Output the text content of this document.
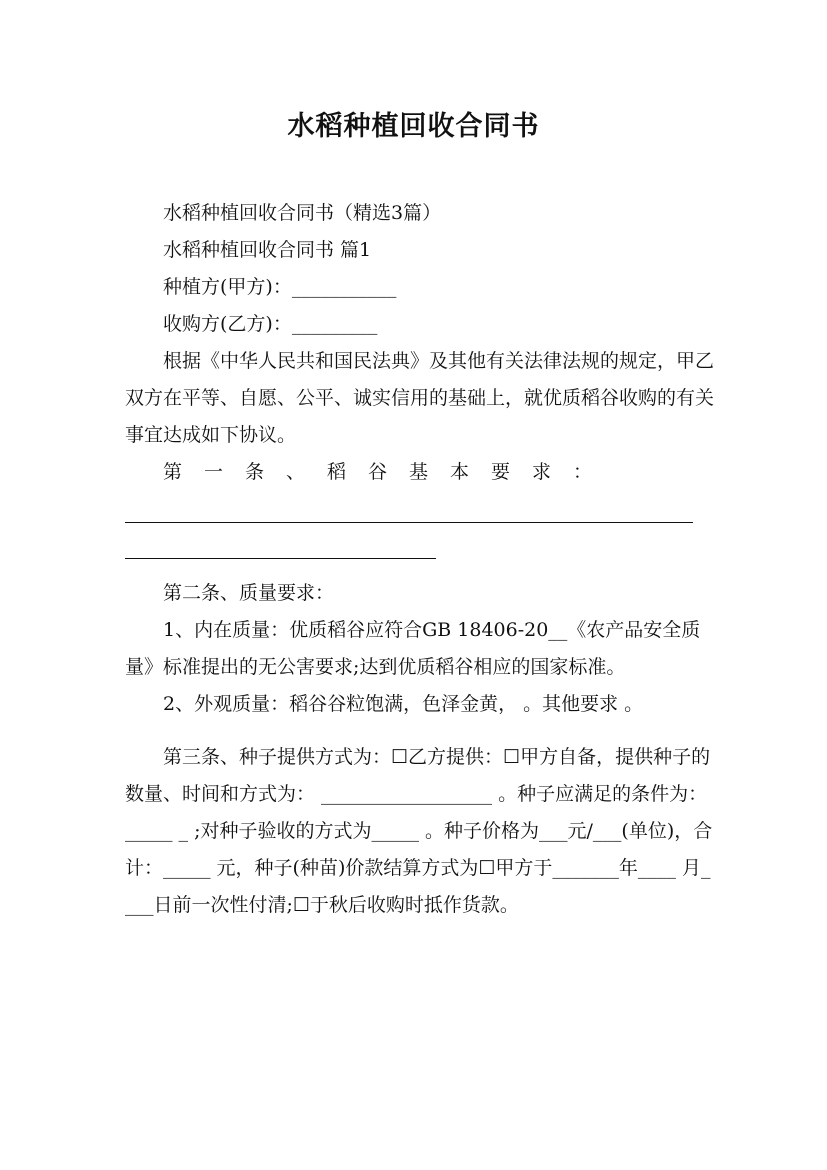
水稻种植回收合同书

水稻种植回收合同书（精选3篇）

水稻种植回收合同书 篇1

种植方(甲方)：___________

收购方(乙方)：_________

根据《中华人民共和国民法典》及其他有关法律法规的规定，甲乙双方在平等、自愿、公平、诚实信用的基础上，就优质稻谷收购的有关事宜达成如下协议。

第一条、稻谷基本要求：

第二条、质量要求：

1、内在质量：优质稻谷应符合GB 18406-20__《农产品安全质量》标准提出的无公害要求;达到优质稻谷相应的国家标准。

2、外观质量：稻谷谷粒饱满，色泽金黄， 。其他要求 。

第三条、种子提供方式为：☐乙方提供：☐甲方自备，提供种子的数量、时间和方式为： __________________ 。种子应满足的条件为：_____ _ ;对种子验收的方式为_____ 。种子价格为___元/___(单位)，合计：_____ 元，种子(种苗)价款结算方式为☐甲方于_______年____ 月____日前一次性付清;☐于秋后收购时抵作货款。
